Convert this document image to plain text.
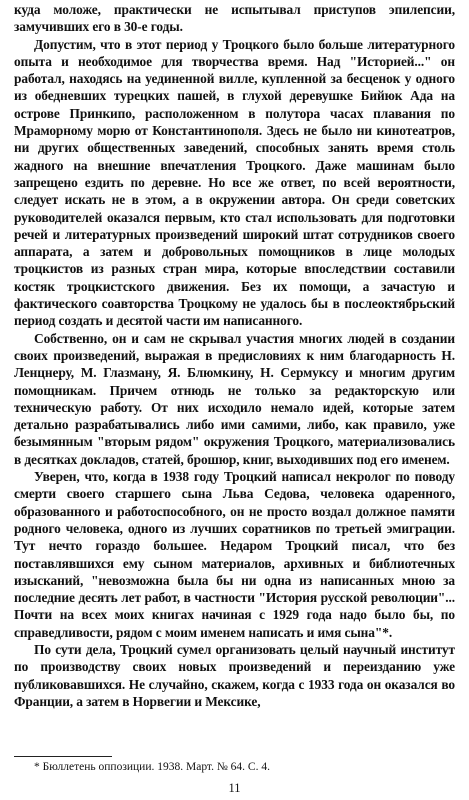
куда моложе, практически не испытывал приступов эпилепсии, замучивших его в 30-е годы.

Допустим, что в этот период у Троцкого было больше литературного опыта и необходимое для творчества время. Над "Историей..." он работал, находясь на уединенной вилле, купленной за бесценок у одного из обедневших турецких пашей, в глухой деревушке Бийюк Ада на острове Принкипо, расположенном в полутора часах плавания по Мраморному морю от Константинополя. Здесь не было ни кинотеатров, ни других общественных заведений, способных занять время столь жадного на внешние впечатления Троцкого. Даже машинам было запрещено ездить по деревне. Но все же ответ, по всей вероятности, следует искать не в этом, а в окружении автора. Он среди советских руководителей оказался первым, кто стал использовать для подготовки речей и литературных произведений широкий штат сотрудников своего аппарата, а затем и добровольных помощников в лице молодых троцкистов из разных стран мира, которые впоследствии составили костяк троцкистского движения. Без их помощи, а зачастую и фактического соавторства Троцкому не удалось бы в послеоктябрьский период создать и десятой части им написанного.

Собственно, он и сам не скрывал участия многих людей в создании своих произведений, выражая в предисловиях к ним благодарность Н. Ленцнеру, М. Глазману, Я. Блюмкину, Н. Сермуксу и многим другим помощникам. Причем отнюдь не только за редакторскую или техническую работу. От них исходило немало идей, которые затем детально разрабатывались либо ими самими, либо, как правило, уже безымянным "вторым рядом" окружения Троцкого, материализовались в десятках докладов, статей, брошюр, книг, выходивших под его именем.

Уверен, что, когда в 1938 году Троцкий написал некролог по поводу смерти своего старшего сына Льва Седова, человека одаренного, образованного и работоспособного, он не просто воздал должное памяти родного человека, одного из лучших соратников по третьей эмиграции. Тут нечто гораздо большее. Недаром Троцкий писал, что без поставлявшихся ему сыном материалов, архивных и библиотечных изысканий, "невозможна была бы ни одна из написанных мною за последние десять лет работ, в частности "История русской революции"... Почти на всех моих книгах начиная с 1929 года надо было бы, по справедливости, рядом с моим именем написать и имя сына"*.

По сути дела, Троцкий сумел организовать целый научный институт по производству своих новых произведений и переизданию уже публиковавшихся. Не случайно, скажем, когда с 1933 года он оказался во Франции, а затем в Норвегии и Мексике,

* Бюллетень оппозиции. 1938. Март. № 64. С. 4.
11
